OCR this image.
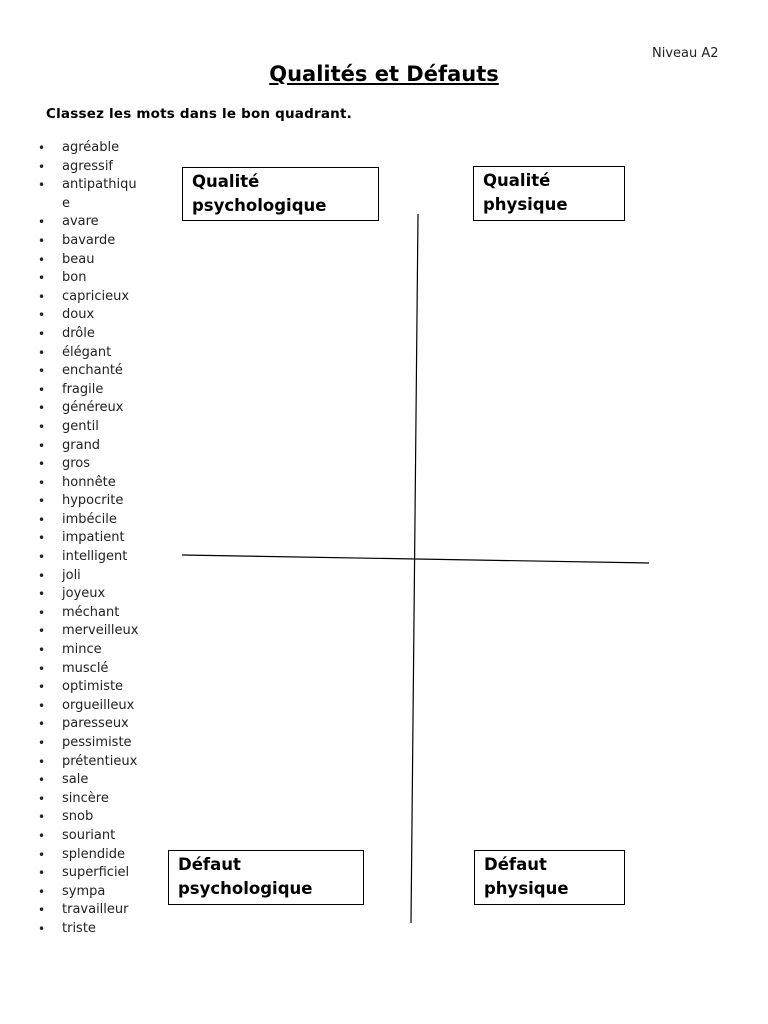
Niveau A2
Qualités et Défauts
Classez les mots dans le bon quadrant.
• agréable
• agressif
• antipathiqu
e
• avare
• bavarde
• beau
• bon
• capricieux
• doux
• drôle
• élégant
• enchanté
• fragile
• généreux
• gentil
• grand
• gros
• honnête
• hypocrite
• imbécile
• impatient
• intelligent
• joli
• joyeux
• méchant
• merveilleux
• mince
• musclé
• optimiste
• orgueilleux
• paresseux
• pessimiste
• prétentieux
• sale
• sincère
• snob
• souriant
• splendide
• superficiel
• sympa
• travailleur
• triste
Qualité
psychologique
Qualité
physique
Défaut
psychologique
Défaut
physique
